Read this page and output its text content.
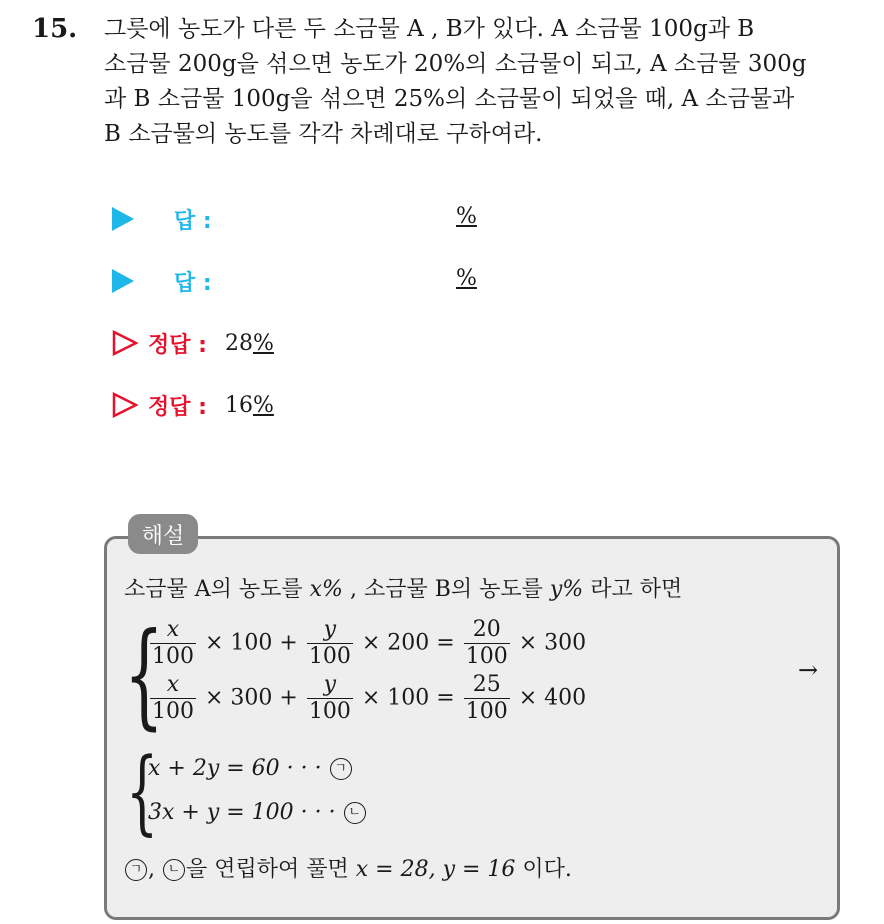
15. 그릇에 농도가 다른 두 소금물 A , B가 있다. A 소금물 100g과 B

소금물 200g을 섞으면 농도가 20%의 소금물이 되고, A 소금물 300g

과 B 소금물 100g을 섞으면 25%의 소금물이 되었을 때, A 소금물과

B 소금물의 농도를 각각 차례대로 구하여라.

답 :	%
답 :	%
정답 : 28%
정답 : 16%
해설
소금물 A의 농도를 x% , 소금물 B의 농도를 y% 라고 하면
{
$\frac{x}{100} \times 100 + \frac{y}{100} \times 200 = \frac{20}{100} \times 300$
$\frac{x}{100} \times 300 + \frac{y}{100} \times 100 = \frac{25}{100} \times 400$
→
{
x + 2y = 60 · · · ㄱ
3x + y = 100 · · · ㄴ
ㄱ , ㄴ 을 연립하여 풀면 x = 28, y = 16 이다.
